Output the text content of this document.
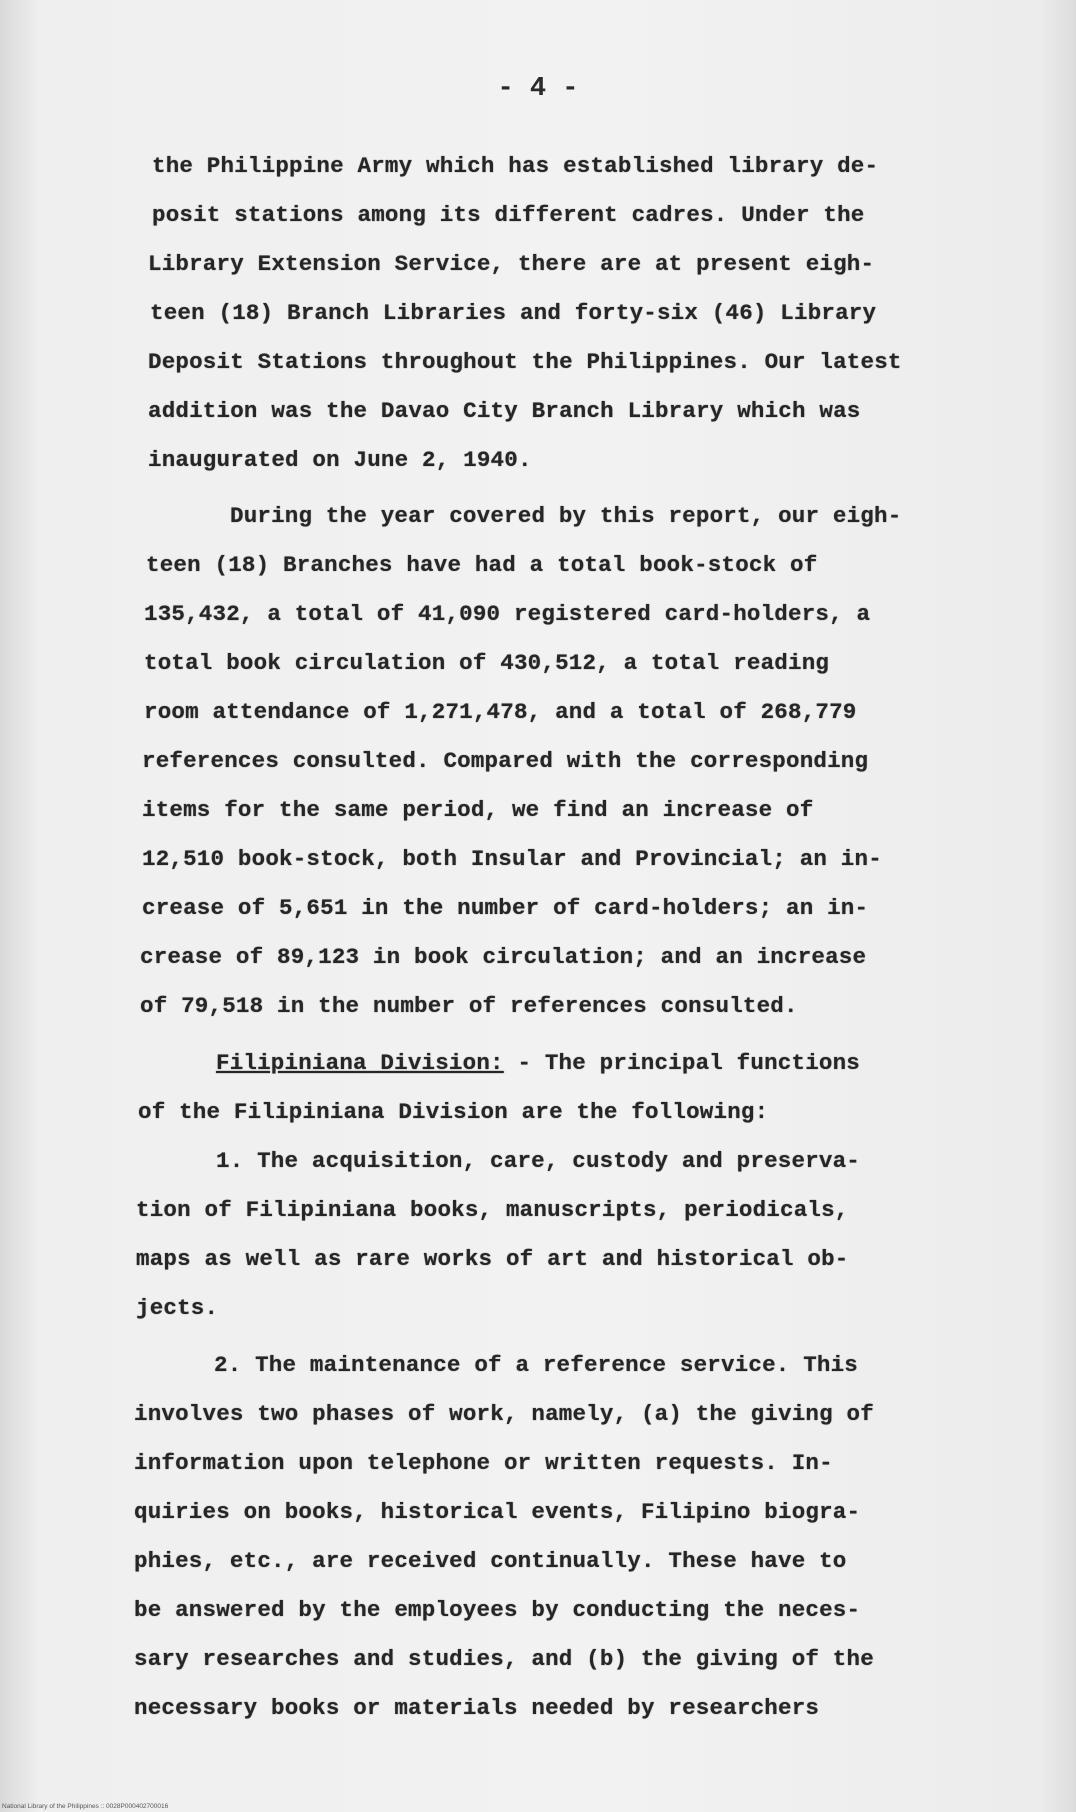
- 4 -
the Philippine Army which has established library de-
posit stations among its different cadres. Under the
Library Extension Service, there are at present eigh-
teen (18) Branch Libraries and forty-six (46) Library
Deposit Stations throughout the Philippines. Our latest
addition was the Davao City Branch Library which was
inaugurated on June 2, 1940.
During the year covered by this report, our eigh-
teen (18) Branches have had a total book-stock of
135,432, a total of 41,090 registered card-holders, a
total book circulation of 430,512, a total reading
room attendance of 1,271,478, and a total of 268,779
references consulted. Compared with the corresponding
items for the same period, we find an increase of
12,510 book-stock, both Insular and Provincial; an in-
crease of 5,651 in the number of card-holders; an in-
crease of 89,123 in book circulation; and an increase
of 79,518 in the number of references consulted.
Filipiniana Division: - The principal functions
of the Filipiniana Division are the following:
1. The acquisition, care, custody and preserva-
tion of Filipiniana books, manuscripts, periodicals,
maps as well as rare works of art and historical ob-
jects.
2. The maintenance of a reference service. This
involves two phases of work, namely, (a) the giving of
information upon telephone or written requests. In-
quiries on books, historical events, Filipino biogra-
phies, etc., are received continually. These have to
be answered by the employees by conducting the neces-
sary researches and studies, and (b) the giving of the
necessary books or materials needed by researchers
National Library of the Philippines :: 0028P000402700016
